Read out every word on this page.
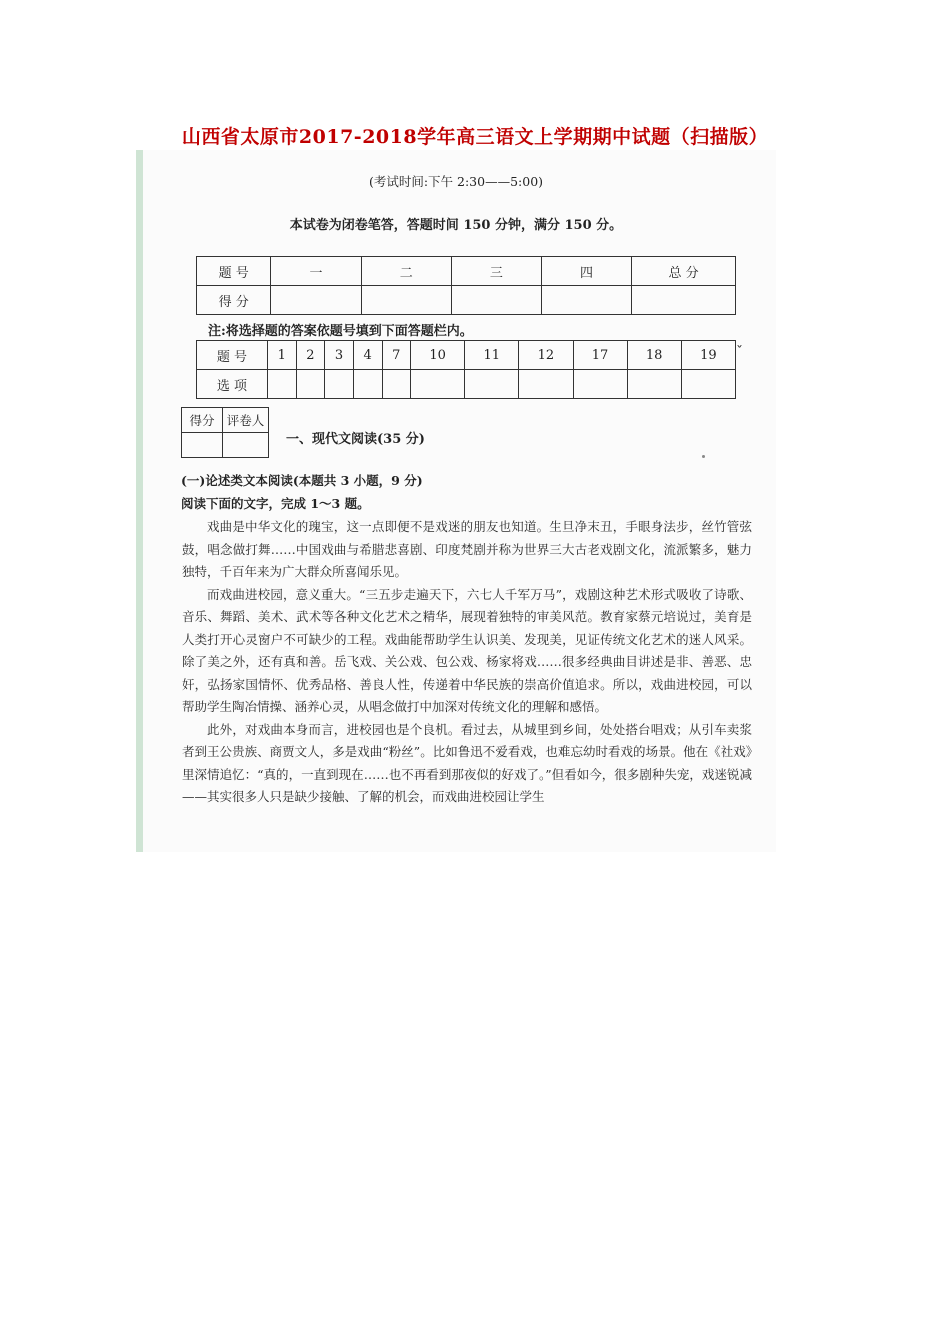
山西省太原市2017-2018学年高三语文上学期期中试题（扫描版）
(考试时间:下午 2:30——5:00)
本试卷为闭卷笔答，答题时间 150 分钟，满分 150 分。
题 号	一	二	三	四	总 分
得 分					
注:将选择题的答案依题号填到下面答题栏内。
题 号	1	2	3	4	7	10	11	12	17	18	19
选 项											
ˇ
得分	评卷人

一、现代文阅读(35 分)
(一)论述类文本阅读(本题共 3 小题，9 分)
阅读下面的文字，完成 1～3 题。

戏曲是中华文化的瑰宝，这一点即便不是戏迷的朋友也知道。生旦净末丑，手眼身法步，丝竹管弦鼓，唱念做打舞……中国戏曲与希腊悲喜剧、印度梵剧并称为世界三大古老戏剧文化，流派繁多，魅力独特，千百年来为广大群众所喜闻乐见。

而戏曲进校园，意义重大。“三五步走遍天下，六七人千军万马”，戏剧这种艺术形式吸收了诗歌、音乐、舞蹈、美术、武术等各种文化艺术之精华，展现着独特的审美风范。教育家蔡元培说过，美育是人类打开心灵窗户不可缺少的工程。戏曲能帮助学生认识美、发现美，见证传统文化艺术的迷人风采。除了美之外，还有真和善。岳飞戏、关公戏、包公戏、杨家将戏……很多经典曲目讲述是非、善恶、忠奸，弘扬家国情怀、优秀品格、善良人性，传递着中华民族的崇高价值追求。所以，戏曲进校园，可以帮助学生陶冶情操、涵养心灵，从唱念做打中加深对传统文化的理解和感悟。

此外，对戏曲本身而言，进校园也是个良机。看过去，从城里到乡间，处处搭台唱戏；从引车卖浆者到王公贵族、商贾文人，多是戏曲“粉丝”。比如鲁迅不爱看戏，也难忘幼时看戏的场景。他在《社戏》里深情追忆：“真的，一直到现在……也不再看到那夜似的好戏了。”但看如今，很多剧种失宠，戏迷锐减——其实很多人只是缺少接触、了解的机会，而戏曲进校园让学生
